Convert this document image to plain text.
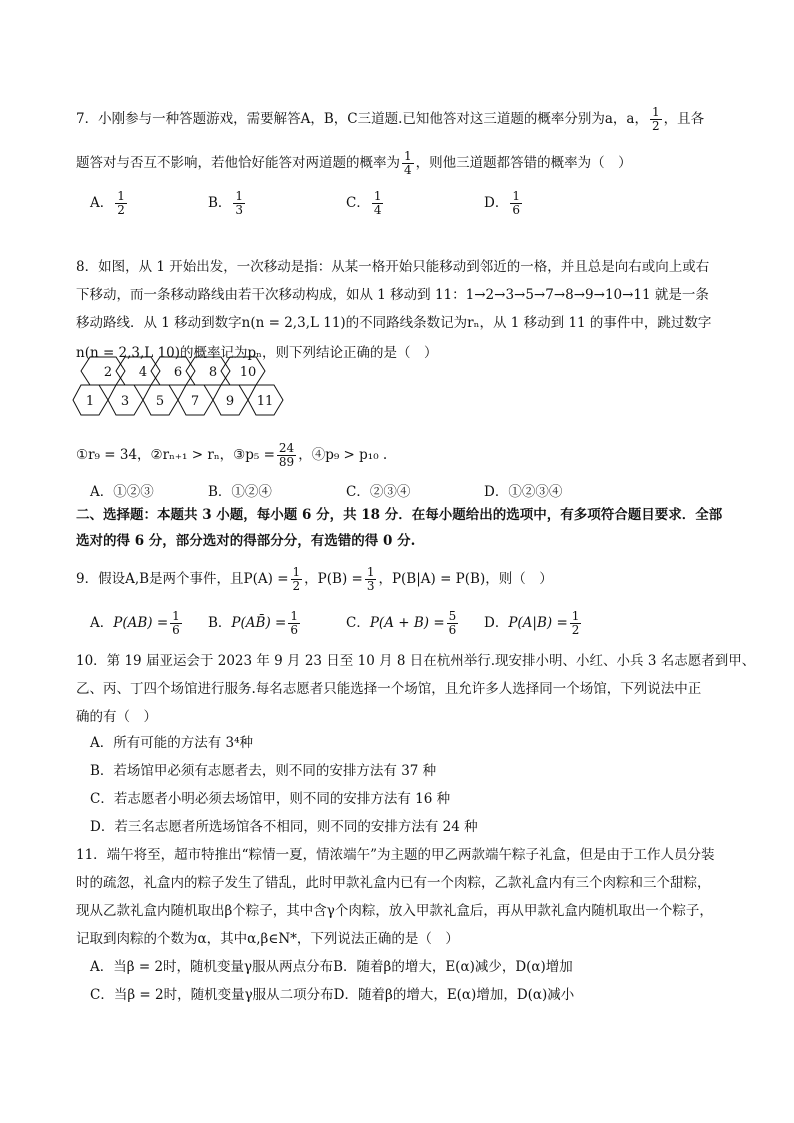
7．小刚参与一种答题游戏，需要解答A，B，C三道题.已知他答对这三道题的概率分别为a，a， $\frac{1}{2}$ ，且各
题答对与否互不影响，若他恰好能答对两道题的概率为 $\frac{1}{4}$ ，则他三道题都答错的概率为（　）
A． $\frac{1}{2}$	B． $\frac{1}{3}$	C． $\frac{1}{4}$	D． $\frac{1}{6}$
8．如图，从 1 开始出发，一次移动是指：从某一格开始只能移动到邻近的一格，并且总是向右或向上或右
下移动，而一条移动路线由若干次移动构成，如从 1 移动到 11：1→2→3→5→7→8→9→10→11 就是一条
移动路线．从 1 移动到数字n(n = 2,3,L 11)的不同路线条数记为rₙ，从 1 移动到 11 的事件中，跳过数字
n(n = 2,3,L 10)的概率记为pₙ，则下列结论正确的是（　）
2 4 6 8 10
1 3 5 7 9 11
①r₉ = 34，②rₙ₊₁ > rₙ，③p₅ = $\frac{24}{89}$ ，④p₉ > p₁₀ .
A．①②③	B．①②④	C．②③④	D．①②③④
二、选择题：本题共 3 小题，每小题 6 分，共 18 分．在每小题给出的选项中，有多项符合题目要求．全部
选对的得 6 分，部分选对的得部分分，有选错的得 0 分.
9．假设A,B是两个事件，且$P(A) = \frac{1}{2}$ ，$P(B) = \frac{1}{3}$ ，P(B|A) = P(B)，则（　）
A．$P(AB) = \frac{1}{6}$ B．P(AB̄) = $\frac{1}{6}$	C．$P(A + B) = \frac{5}{6}$ D．$P(A|B) = \frac{1}{2}$
10．第 19 届亚运会于 2023 年 9 月 23 日至 10 月 8 日在杭州举行.现安排小明、小红、小兵 3 名志愿者到甲、
乙、丙、丁四个场馆进行服务.每名志愿者只能选择一个场馆，且允许多人选择同一个场馆，下列说法中正
确的有（　）
A．所有可能的方法有 3⁴种
B．若场馆甲必须有志愿者去，则不同的安排方法有 37 种
C．若志愿者小明必须去场馆甲，则不同的安排方法有 16 种
D．若三名志愿者所选场馆各不相同，则不同的安排方法有 24 种
11．端午将至，超市特推出“粽情一夏，情浓端午”为主题的甲乙两款端午粽子礼盒，但是由于工作人员分装
时的疏忽，礼盒内的粽子发生了错乱，此时甲款礼盒内已有一个肉粽，乙款礼盒内有三个肉粽和三个甜粽，
现从乙款礼盒内随机取出β个粽子，其中含γ个肉粽，放入甲款礼盒后，再从甲款礼盒内随机取出一个粽子，
记取到肉粽的个数为α，其中α,β∈N*，下列说法正确的是（　）
A．当β = 2时，随机变量γ服从两点分布B．随着β的增大，E(α)减少，D(α)增加
C．当β = 2时，随机变量γ服从二项分布D．随着β的增大，E(α)增加，D(α)减小
